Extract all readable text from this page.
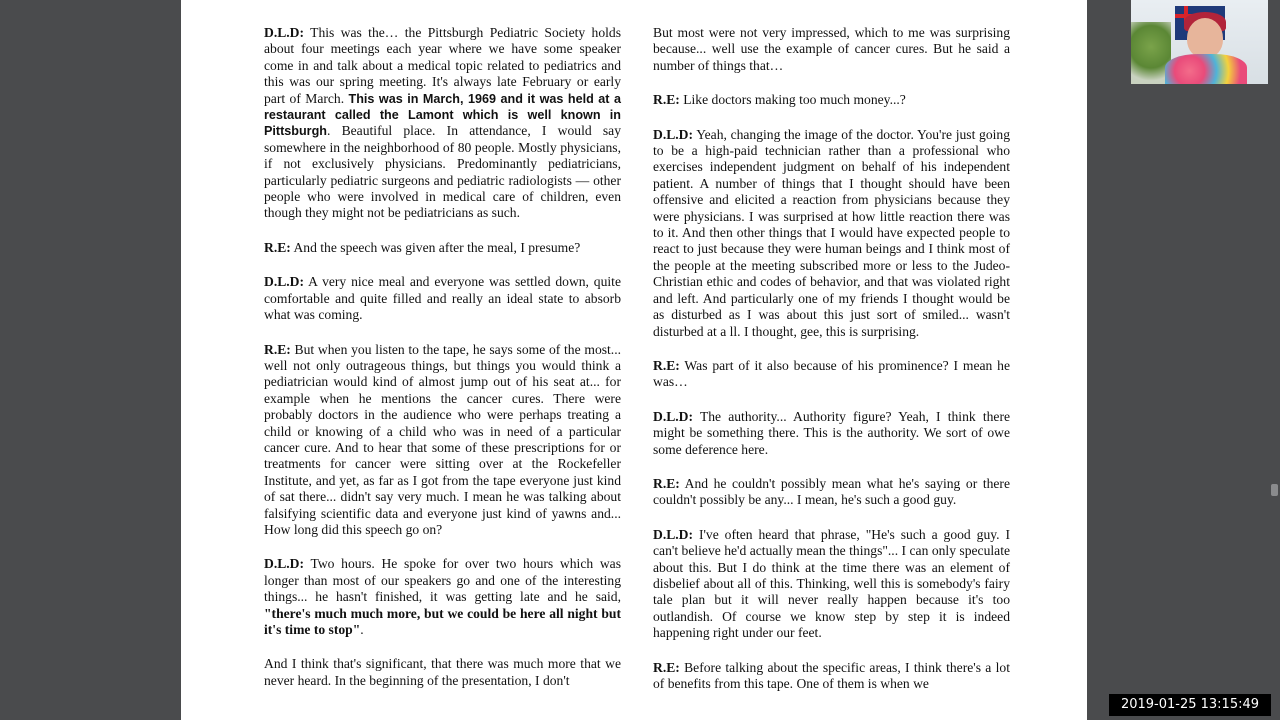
D.L.D: This was the… the Pittsburgh Pediatric Society holds about four meetings each year where we have some speaker come in and talk about a medical topic related to pediatrics and this was our spring meeting. It's always late February or early part of March. This was in March, 1969 and it was held at a restaurant called the Lamont which is well known in Pittsburgh. Beautiful place. In attendance, I would say somewhere in the neighborhood of 80 people. Mostly physicians, if not exclusively physicians. Predominantly pediatricians, particularly pediatric surgeons and pediatric radiologists — other people who were involved in medical care of children, even though they might not be pediatricians as such.

R.E: And the speech was given after the meal, I presume?

D.L.D: A very nice meal and everyone was settled down, quite comfortable and quite filled and really an ideal state to absorb what was coming.

R.E: But when you listen to the tape, he says some of the most... well not only outrageous things, but things you would think a pediatrician would kind of almost jump out of his seat at... for example when he mentions the cancer cures. There were probably doctors in the audience who were perhaps treating a child or knowing of a child who was in need of a particular cancer cure. And to hear that some of these prescriptions for or treatments for cancer were sitting over at the Rockefeller Institute, and yet, as far as I got from the tape everyone just kind of sat there... didn't say very much. I mean he was talking about falsifying scientific data and everyone just kind of yawns and... How long did this speech go on?

D.L.D: Two hours. He spoke for over two hours which was longer than most of our speakers go and one of the interesting things... he hasn't finished, it was getting late and he said, "there's much much more, but we could be here all night but it's time to stop".

And I think that's significant, that there was much more that we never heard. In the beginning of the presentation, I don't

But most were not very impressed, which to me was surprising because... well use the example of cancer cures. But he said a number of things that…

R.E: Like doctors making too much money...?

D.L.D: Yeah, changing the image of the doctor. You're just going to be a high-paid technician rather than a professional who exercises independent judgment on behalf of his independent patient. A number of things that I thought should have been offensive and elicited a reaction from physicians because they were physicians. I was surprised at how little reaction there was to it. And then other things that I would have expected people to react to just because they were human beings and I think most of the people at the meeting subscribed more or less to the Judeo-Christian ethic and codes of behavior, and that was violated right and left. And particularly one of my friends I thought would be as disturbed as I was about this just sort of smiled... wasn't disturbed at a ll. I thought, gee, this is surprising.

R.E: Was part of it also because of his prominence? I mean he was…

D.L.D: The authority... Authority figure? Yeah, I think there might be something there. This is the authority. We sort of owe some deference here.

R.E: And he couldn't possibly mean what he's saying or there couldn't possibly be any... I mean, he's such a good guy.

D.L.D: I've often heard that phrase, "He's such a good guy. I can't believe he'd actually mean the things"... I can only speculate about this. But I do think at the time there was an element of disbelief about all of this. Thinking, well this is somebody's fairy tale plan but it will never really happen because it's too outlandish. Of course we know step by step it is indeed happening right under our feet.

R.E: Before talking about the specific areas, I think there's a lot of benefits from this tape. One of them is when we

2019-01-25 13:15:49
